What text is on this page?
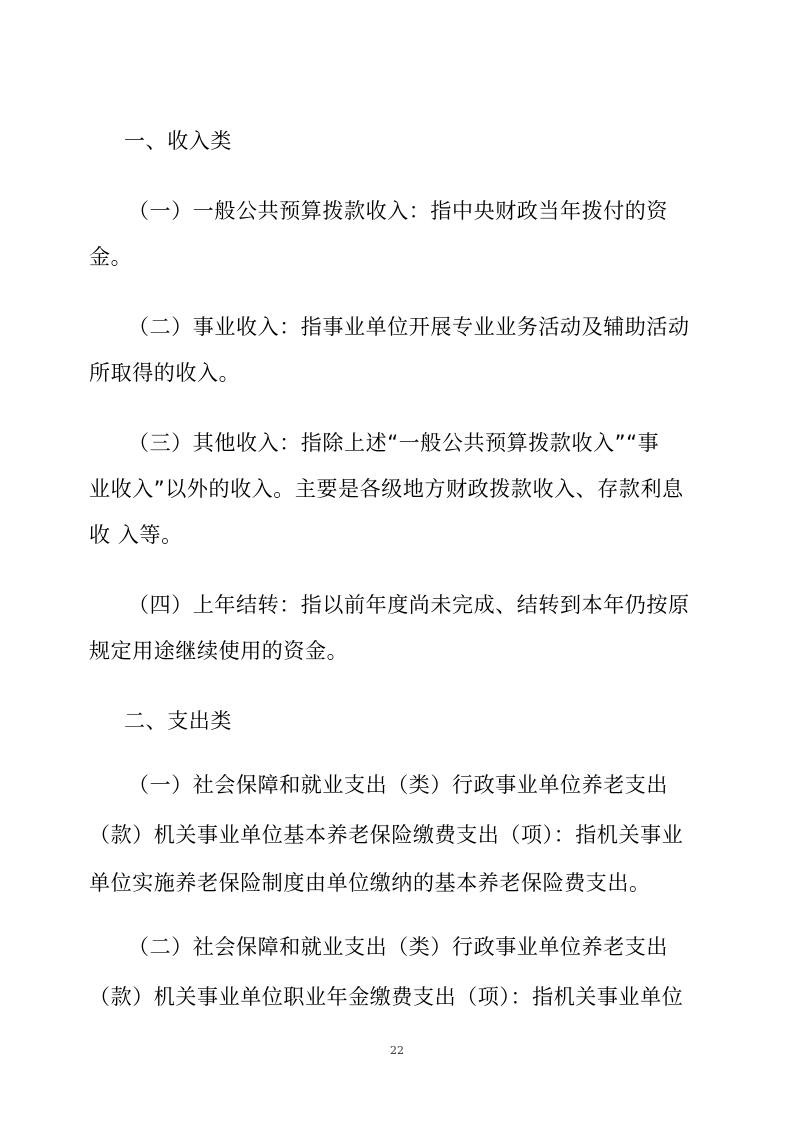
一、收入类
（一）一般公共预算拨款收入：指中央财政当年拨付的资
金。
（二）事业收入：指事业单位开展专业业务活动及辅助活动
所取得的收入。
（三）其他收入：指除上述“一般公共预算拨款收入”“事
业收入”以外的收入。主要是各级地方财政拨款收入、存款利息
收 入等。
（四）上年结转：指以前年度尚未完成、结转到本年仍按原
规定用途继续使用的资金。
二、支出类
（一）社会保障和就业支出（类）行政事业单位养老支出
（款）机关事业单位基本养老保险缴费支出（项）：指机关事业
单位实施养老保险制度由单位缴纳的基本养老保险费支出。
（二）社会保障和就业支出（类）行政事业单位养老支出
（款）机关事业单位职业年金缴费支出（项）：指机关事业单位
22
